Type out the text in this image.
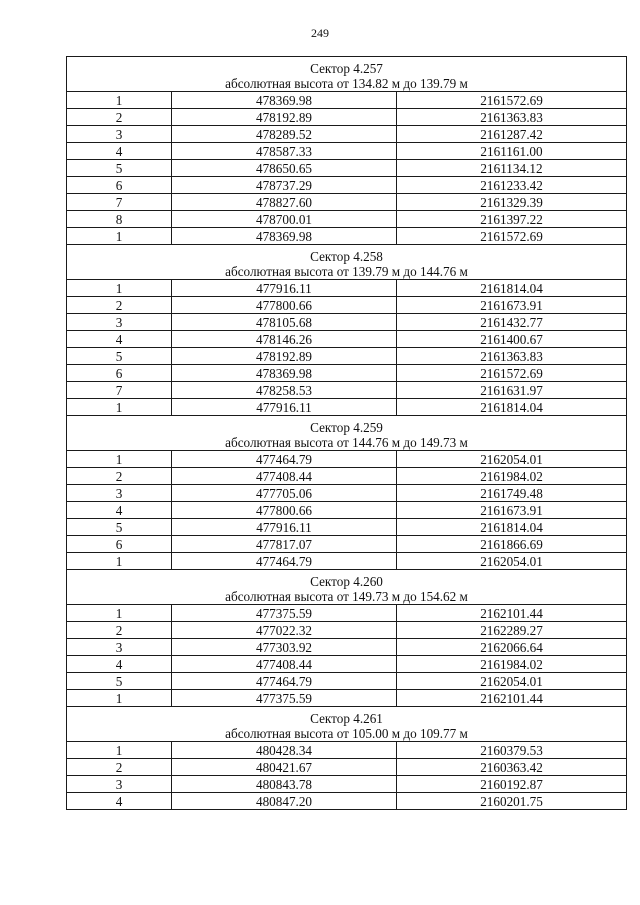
249
Сектор 4.257
абсолютная высота от 134.82 м до 139.79 м		

1	478369.98	2161572.69
2	478192.89	2161363.83
3	478289.52	2161287.42
4	478587.33	2161161.00
5	478650.65	2161134.12
6	478737.29	2161233.42
7	478827.60	2161329.39
8	478700.01	2161397.22
1	478369.98	2161572.69

Сектор 4.258
абсолютная высота от 139.79 м до 144.76 м		

1	477916.11	2161814.04
2	477800.66	2161673.91
3	478105.68	2161432.77
4	478146.26	2161400.67
5	478192.89	2161363.83
6	478369.98	2161572.69
7	478258.53	2161631.97
1	477916.11	2161814.04

Сектор 4.259
абсолютная высота от 144.76 м до 149.73 м		

1	477464.79	2162054.01
2	477408.44	2161984.02
3	477705.06	2161749.48
4	477800.66	2161673.91
5	477916.11	2161814.04
6	477817.07	2161866.69
1	477464.79	2162054.01

Сектор 4.260
абсолютная высота от 149.73 м до 154.62 м		

1	477375.59	2162101.44
2	477022.32	2162289.27
3	477303.92	2162066.64
4	477408.44	2161984.02
5	477464.79	2162054.01
1	477375.59	2162101.44

Сектор 4.261
абсолютная высота от 105.00 м до 109.77 м		

1	480428.34	2160379.53
2	480421.67	2160363.42
3	480843.78	2160192.87
4	480847.20	2160201.75
